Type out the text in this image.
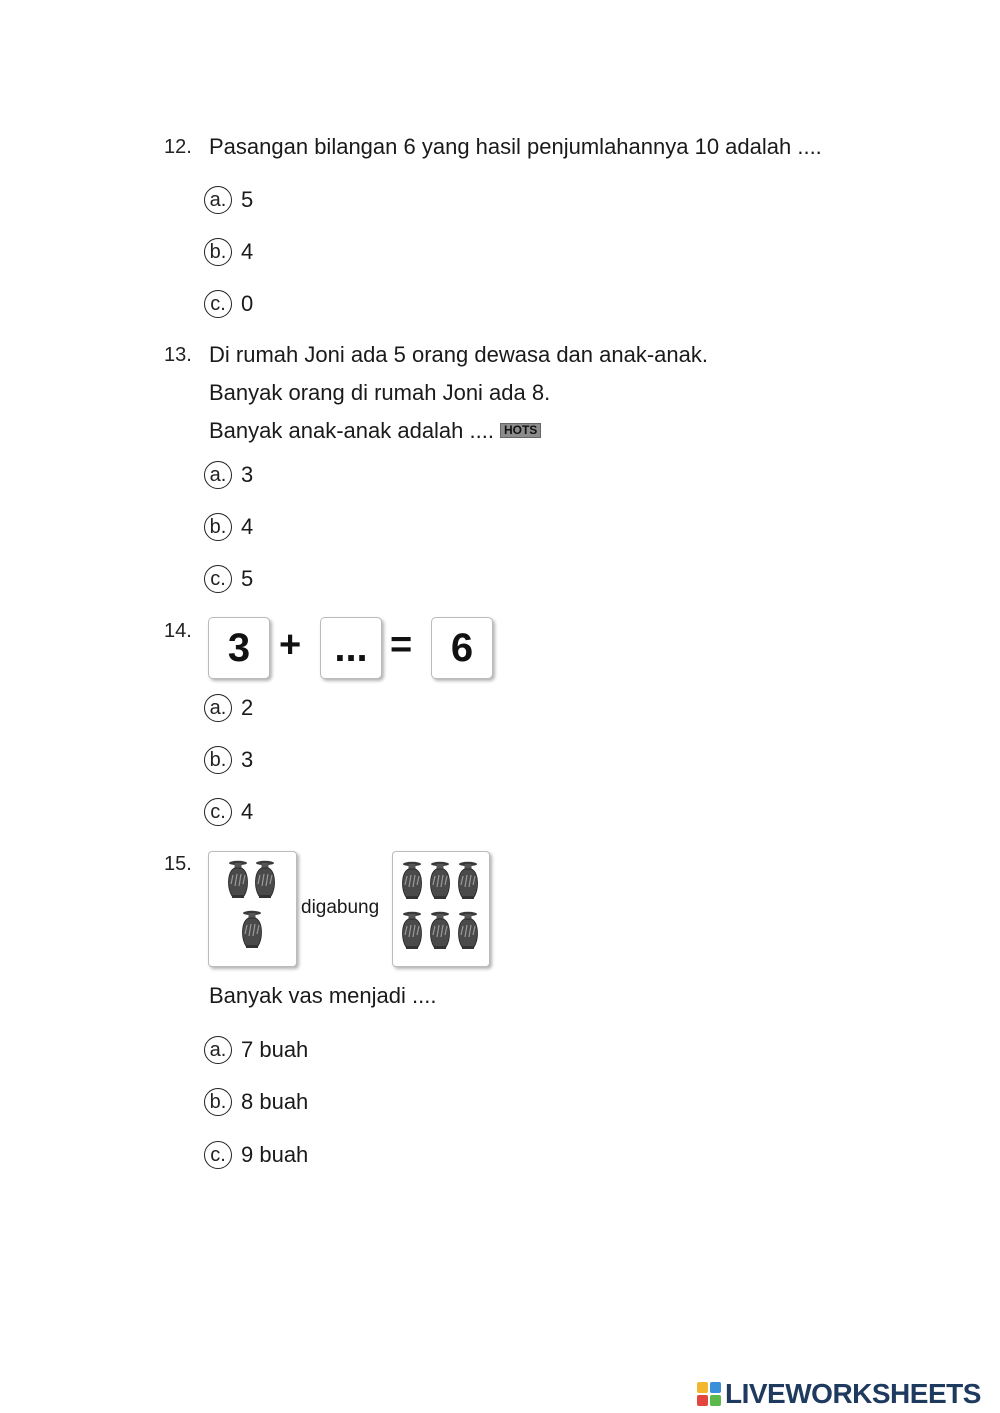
12. Pasangan bilangan 6 yang hasil penjumlahannya 10 adalah ....
a. 5
b. 4
c. 0
13. Di rumah Joni ada 5 orang dewasa dan anak-anak.
Banyak orang di rumah Joni ada 8.
Banyak anak-anak adalah .... HOTS
a. 3
b. 4
c. 5
14. 3 + ... = 6
a. 2
b. 3
c. 4
15.
digabung
Banyak vas menjadi ....
a. 7 buah
b. 8 buah
c. 9 buah
LIVEWORKSHEETS
